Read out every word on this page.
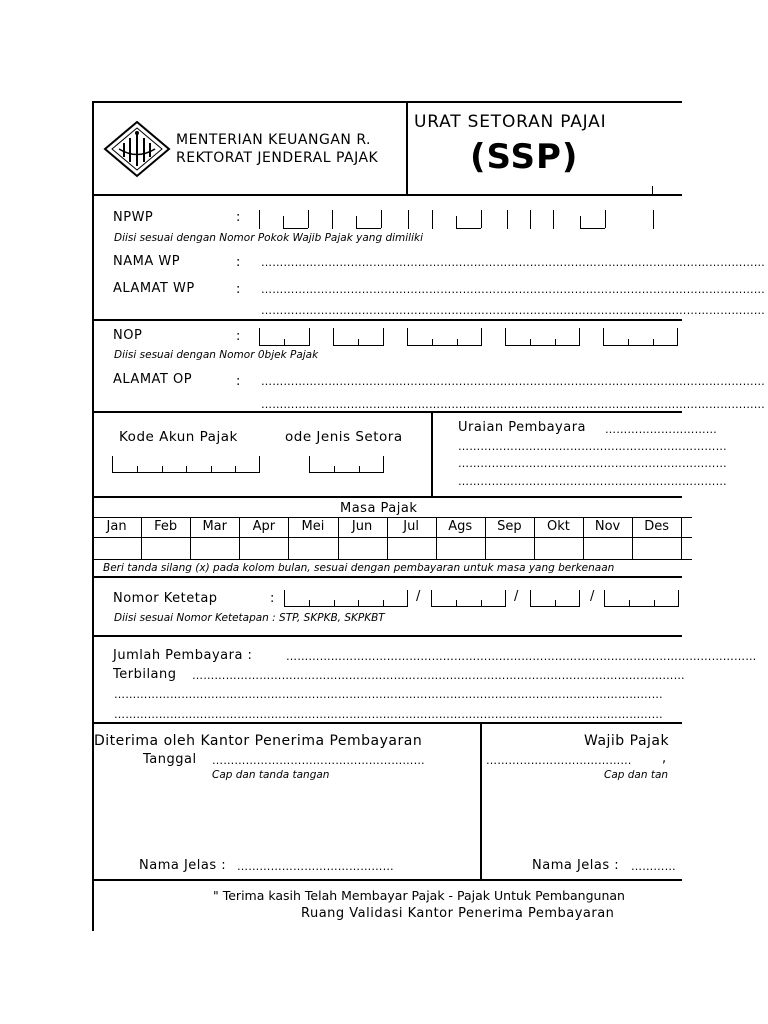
MENTERIAN KEUANGAN R.
REKTORAT JENDERAL PAJAK
URAT SETORAN PAJAI
(SSP)
NPWP	:
Diisi sesuai dengan Nomor Pokok Wajib Pajak yang dimiliki
NAMA WP	: ………………………………………………………………………………………………………………………
ALAMAT WP	: ………………………………………………………………………………………………………………………
………………………………………………………………………………………………………………………
NOP	:
Diisi sesuai dengan Nomor 0bjek Pajak
ALAMAT OP	: ………………………………………………………………………………………………………………………
………………………………………………………………………………………………………………………
Kode Akun Pajak	ode Jenis Setora
Uraian Pembayara …………………………
………………………………………………………………
………………………………………………………………
………………………………………………………………
Masa Pajak
Jan	Feb	Mar	Apr	Mei	Jun	Jul	Ags	Sep	Okt	Nov	Des
Beri tanda silang (x) pada kolom bulan, sesuai dengan pembayaran untuk masa yang berkenaan
Nomor Ketetap	:	/	/	/
Diisi sesuai Nomor Ketetapan : STP, SKPKB, SKPKBT
Jumlah Pembayara :	………………………………………………………………………………………………………………
Terbilang ……………………………………………………………………………………………………………………
…………………………………………………………………………………………………………………………………
…………………………………………………………………………………………………………………………………
Diterima oleh Kantor Penerima Pembayaran
Tanggal …………………………………………………
Cap dan tanda tangan
Nama Jelas : ……………………………………
Wajib Pajak
…………………………………	,
Cap dan tan
Nama Jelas : …………
" Terima kasih Telah Membayar Pajak - Pajak Untuk Pembangunan
Ruang Validasi Kantor Penerima Pembayaran
